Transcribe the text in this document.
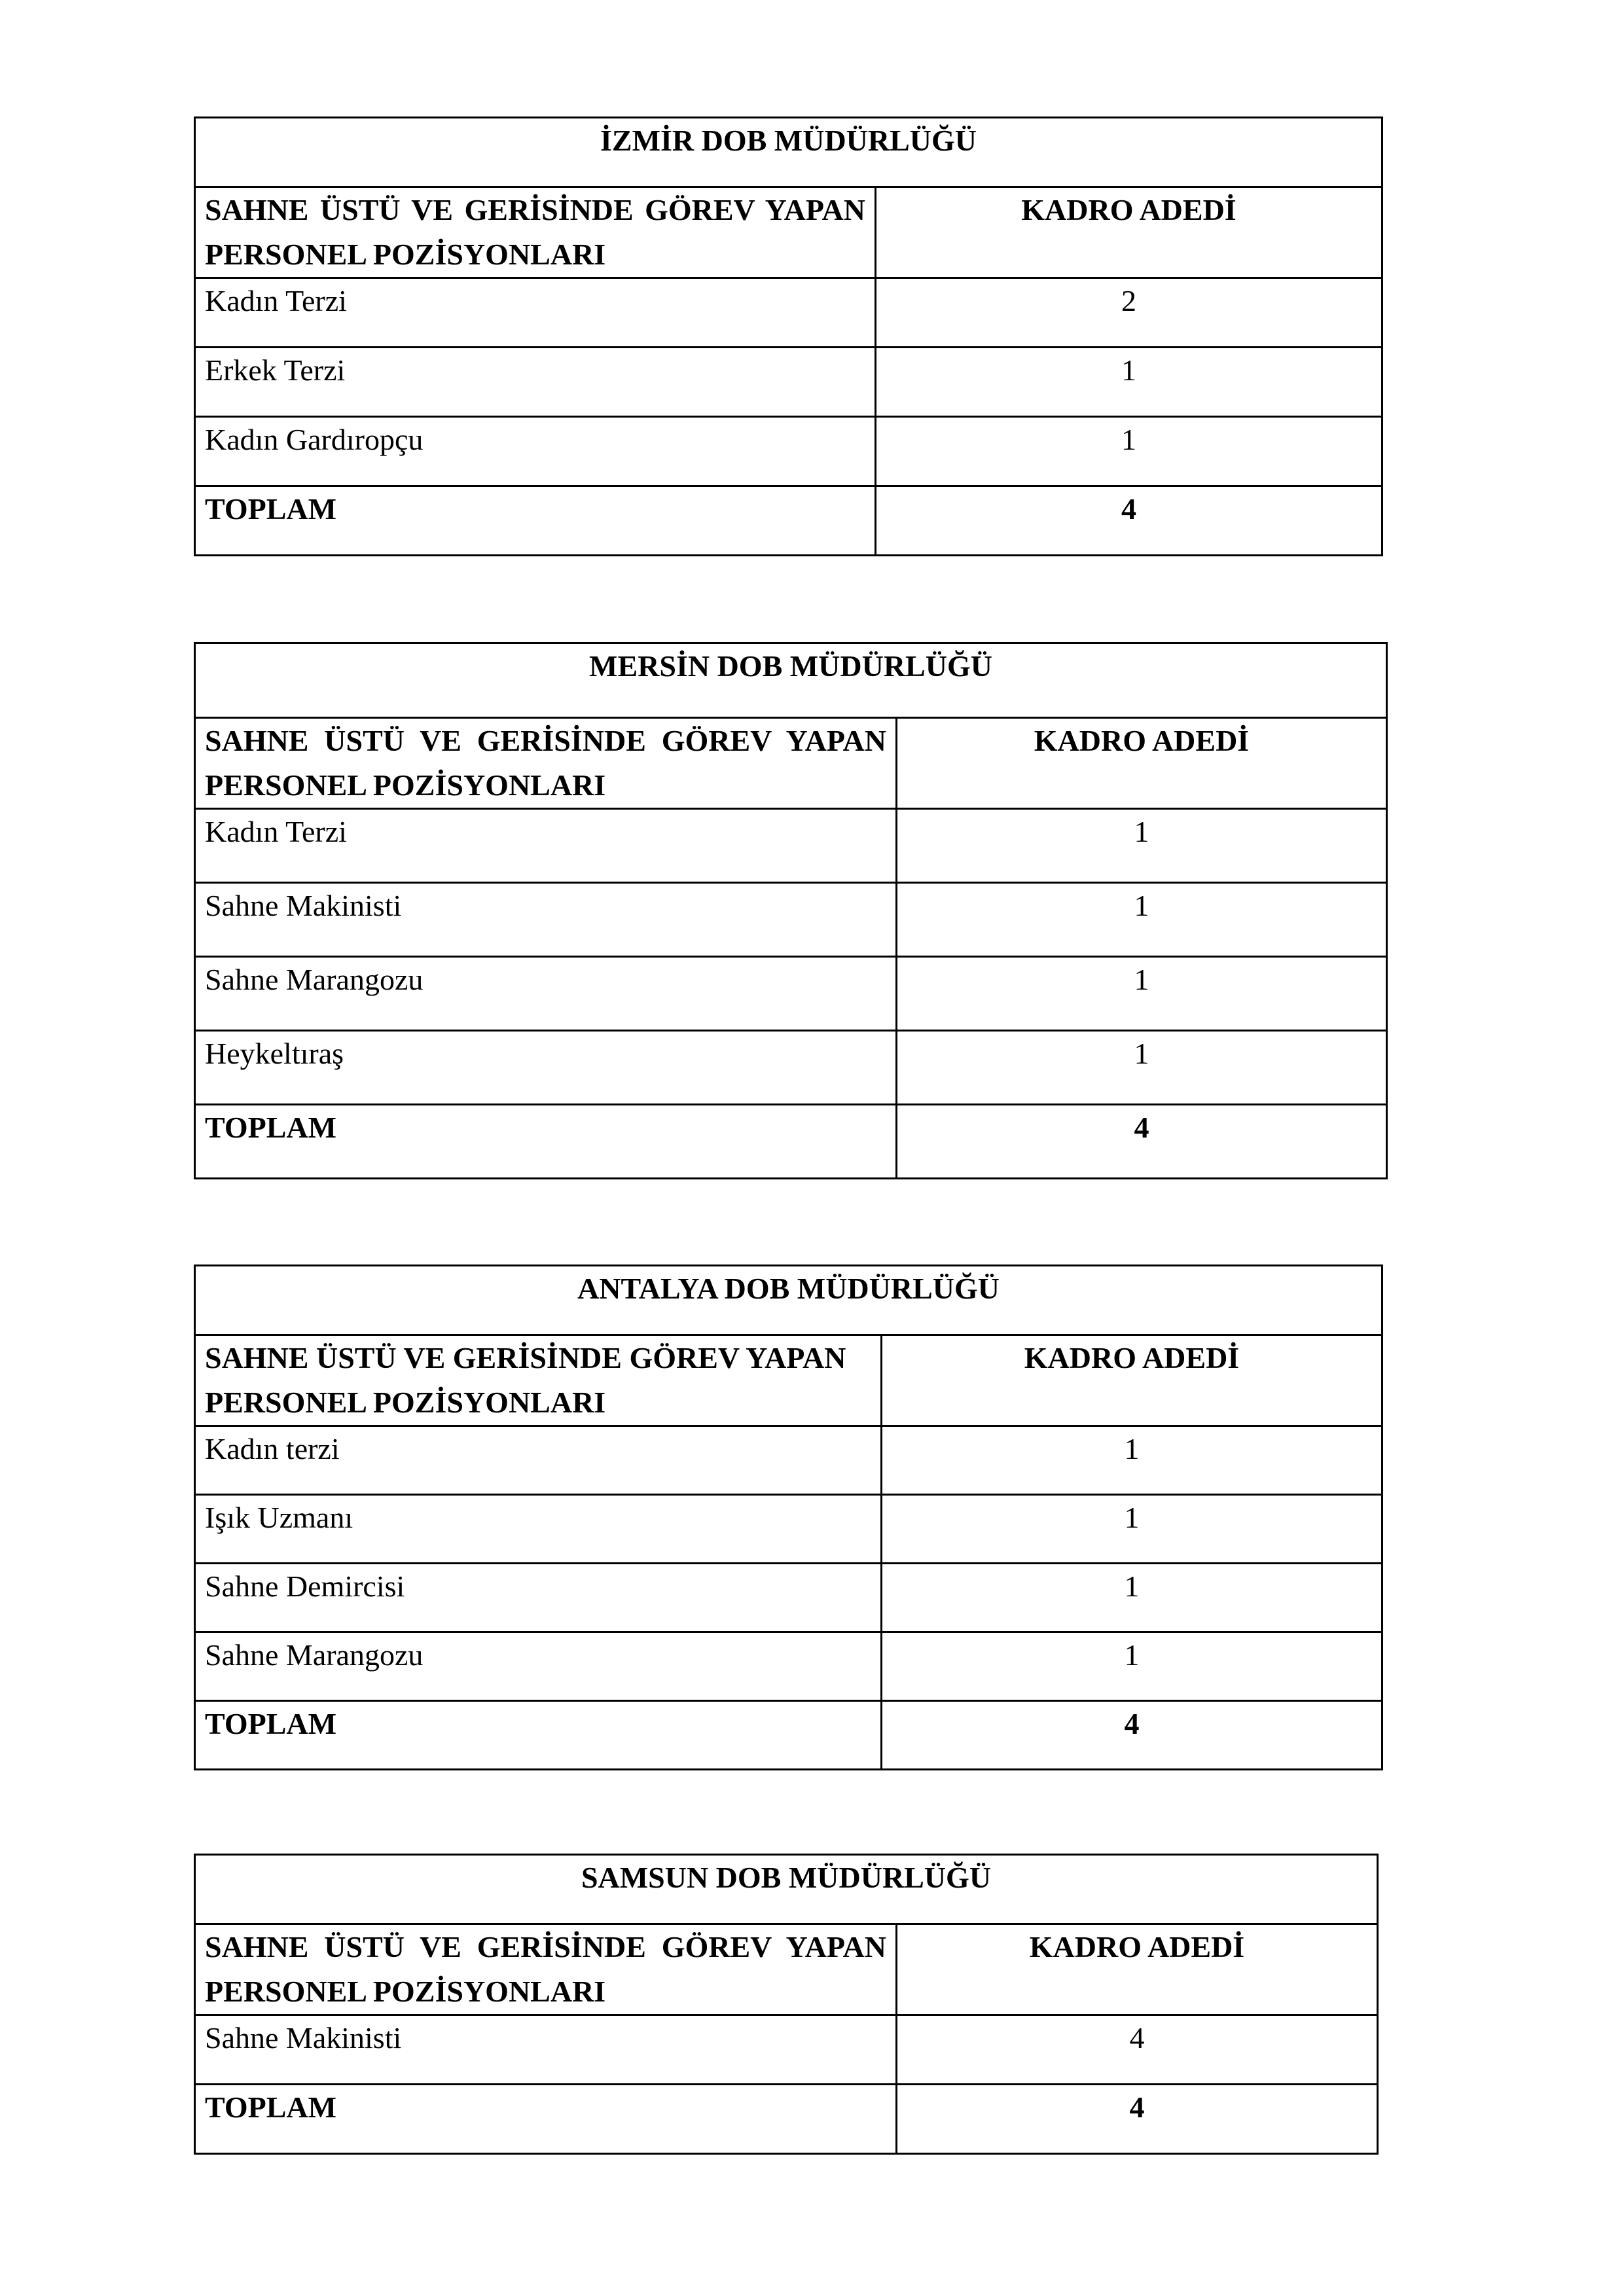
İZMİR DOB MÜDÜRLÜĞÜ	
SAHNE ÜSTÜ VE GERİSİNDE GÖREV YAPAN PERSONEL POZİSYONLARI	KADRO ADEDİ
Kadın Terzi	2
Erkek Terzi	1
Kadın Gardıropçu	1
TOPLAM	4
MERSİN DOB MÜDÜRLÜĞÜ	
SAHNE ÜSTÜ VE GERİSİNDE GÖREV YAPAN PERSONEL POZİSYONLARI	KADRO ADEDİ
Kadın Terzi	1
Sahne Makinisti	1
Sahne Marangozu	1
Heykeltıraş	1
TOPLAM	4
ANTALYA DOB MÜDÜRLÜĞÜ	
SAHNE ÜSTÜ VE GERİSİNDE GÖREV YAPAN PERSONEL POZİSYONLARI	KADRO ADEDİ
Kadın terzi	1
Işık Uzmanı	1
Sahne Demircisi	1
Sahne Marangozu	1
TOPLAM	4
SAMSUN DOB MÜDÜRLÜĞÜ	
SAHNE ÜSTÜ VE GERİSİNDE GÖREV YAPAN PERSONEL POZİSYONLARI	KADRO ADEDİ
Sahne Makinisti	4
TOPLAM	4
